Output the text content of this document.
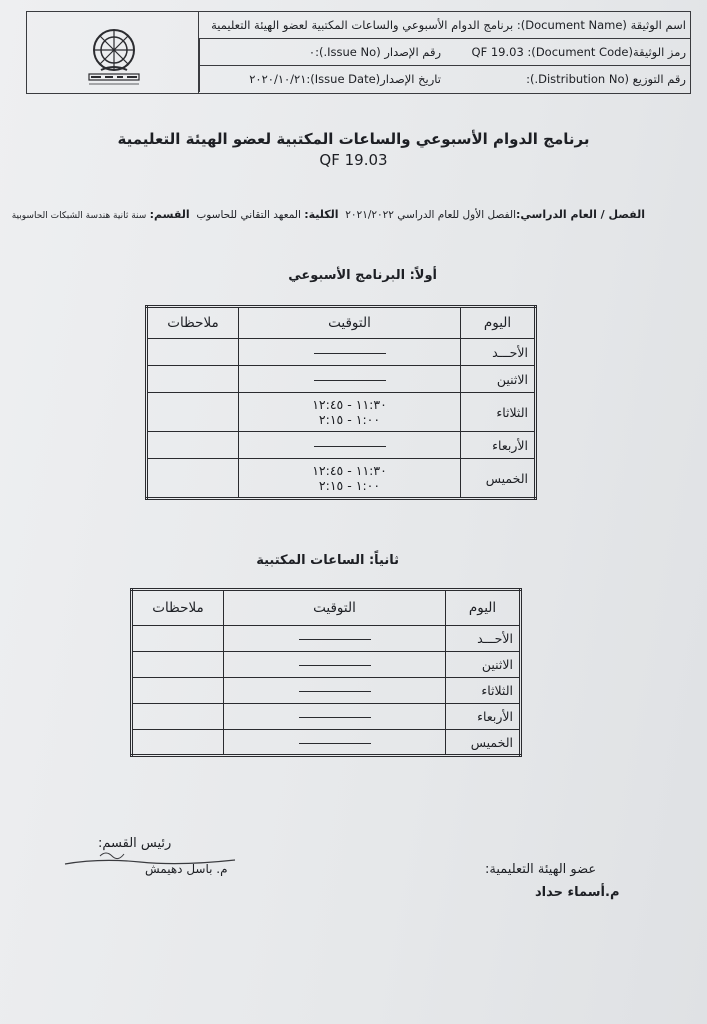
اسم الوثيقة (Document Name): برنامج الدوام الأسبوعي والساعات المكتبية لعضو الهيئة التعليمية
رمز الوثيقة(Document Code): QF 19.03
رقم الإصدار (Issue No.):٠
رقم التوزيع (Distribution No.):
تاريخ الإصدار(Issue Date):٢٠٢٠/١٠/٢١
برنامج الدوام الأسبوعي والساعات المكتبية لعضو الهيئة التعليمية
QF 19.03
الفصل / العام الدراسي:الفصل الأول للعام الدراسي ٢٠٢١/٢٠٢٢  الكلية: المعهد التقاني للحاسوب  القسم: سنة ثانية هندسة الشبكات الحاسوبية
أولاً: البرنامج الأسبوعي
اليوم	التوقيت	ملاحظات
الأحـــد		
الاثنين		
الثلاثاء	١١:٣٠ - ١٢:٤٥
١:٠٠ - ٢:١٥	

الأربعاء		
الخميس	١١:٣٠ - ١٢:٤٥
١:٠٠ - ٢:١٥	

ثانياً: الساعات المكتبية
اليوم	التوقيت	ملاحظات
الأحـــد		
الاثنين		
الثلاثاء		
الأربعاء		
الخميس		
رئيس القسم:
م. باسل دهيمش	عضو الهيئة التعليمية:
م.أسماء حداد
